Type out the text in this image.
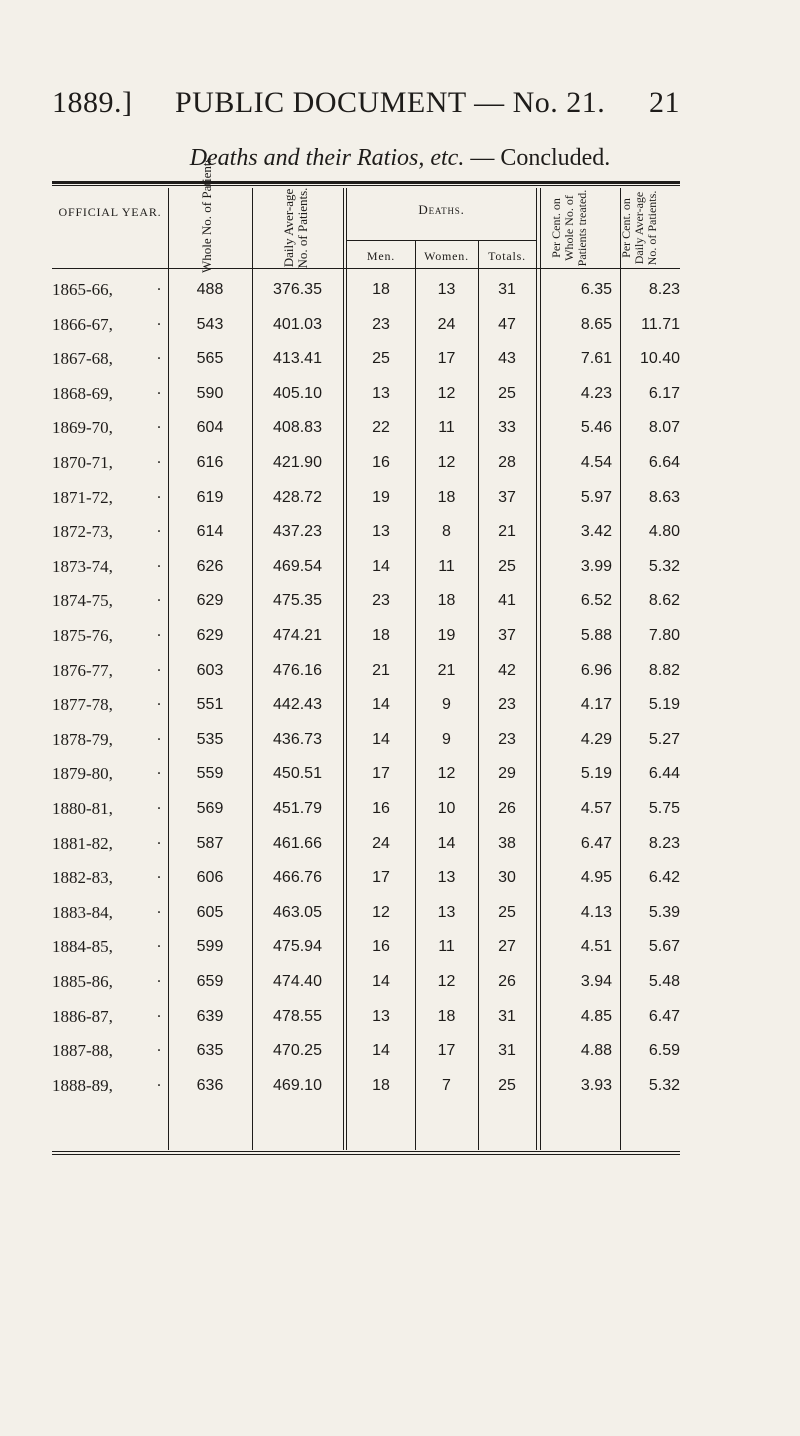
1889.] PUBLIC DOCUMENT — No. 21. 21
Deaths and their Ratios, etc. — Concluded.
OFFICIAL YEAR.	Whole No. of Patients.	Daily Aver-age No. of Patients.	Deaths.
Men.	Women.	Totals.	Per Cent. on Whole No. of Patients treated.	Per Cent. on Daily Aver-age No. of Patients.
1865-66,	.	488	376.35	18	13	31	6.35	8.23
1866-67,	.	543	401.03	23	24	47	8.65	11.71
1867-68,	.	565	413.41	25	17	43	7.61	10.40
1868-69,	.	590	405.10	13	12	25	4.23	6.17
1869-70,	.	604	408.83	22	11	33	5.46	8.07
1870-71,	.	616	421.90	16	12	28	4.54	6.64
1871-72,	.	619	428.72	19	18	37	5.97	8.63
1872-73,	.	614	437.23	13	8	21	3.42	4.80
1873-74,	.	626	469.54	14	11	25	3.99	5.32
1874-75,	.	629	475.35	23	18	41	6.52	8.62
1875-76,	.	629	474.21	18	19	37	5.88	7.80
1876-77,	.	603	476.16	21	21	42	6.96	8.82
1877-78,	.	551	442.43	14	9	23	4.17	5.19
1878-79,	.	535	436.73	14	9	23	4.29	5.27
1879-80,	.	559	450.51	17	12	29	5.19	6.44
1880-81,	.	569	451.79	16	10	26	4.57	5.75
1881-82,	.	587	461.66	24	14	38	6.47	8.23
1882-83,	.	606	466.76	17	13	30	4.95	6.42
1883-84,	.	605	463.05	12	13	25	4.13	5.39
1884-85,	.	599	475.94	16	11	27	4.51	5.67
1885-86,	.	659	474.40	14	12	26	3.94	5.48
1886-87,	.	639	478.55	13	18	31	4.85	6.47
1887-88,	.	635	470.25	14	17	31	4.88	6.59
1888-89,	.	636	469.10	18	7	25	3.93	5.32
